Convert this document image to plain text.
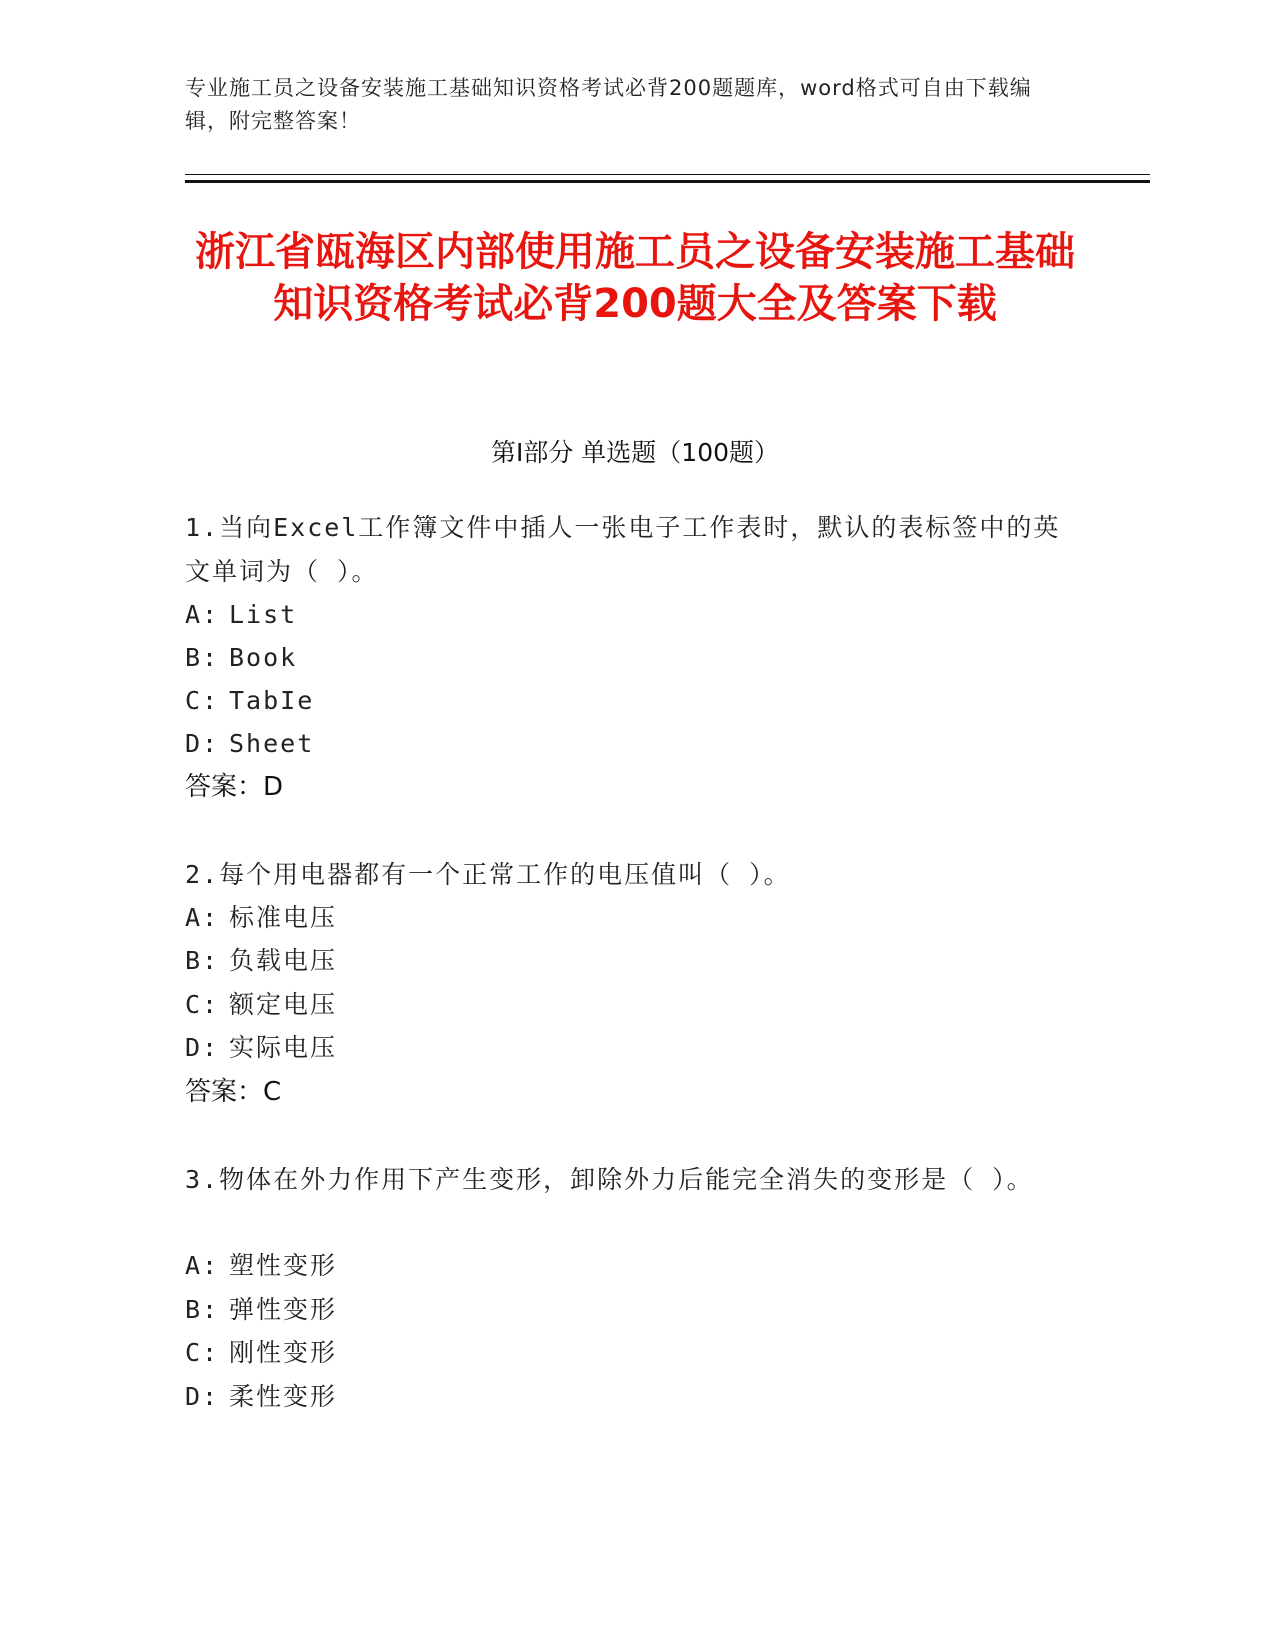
专业施工员之设备安装施工基础知识资格考试必背200题题库，word格式可自由下载编辑，附完整答案！
浙江省瓯海区内部使用施工员之设备安装施工基础知识资格考试必背200题大全及答案下载
第Ⅰ部分 单选题（100题）
1.当向Excel工作簿文件中插人一张电子工作表时，默认的表标签中的英文单词为（ ）。
A: List
B: Book
C: TabIe
D: Sheet
答案：D
2.每个用电器都有一个正常工作的电压值叫（ ）。
A: 标准电压
B: 负载电压
C: 额定电压
D: 实际电压
答案：C
3.物体在外力作用下产生变形，卸除外力后能完全消失的变形是（ ）。
A: 塑性变形
B: 弹性变形
C: 刚性变形
D: 柔性变形
